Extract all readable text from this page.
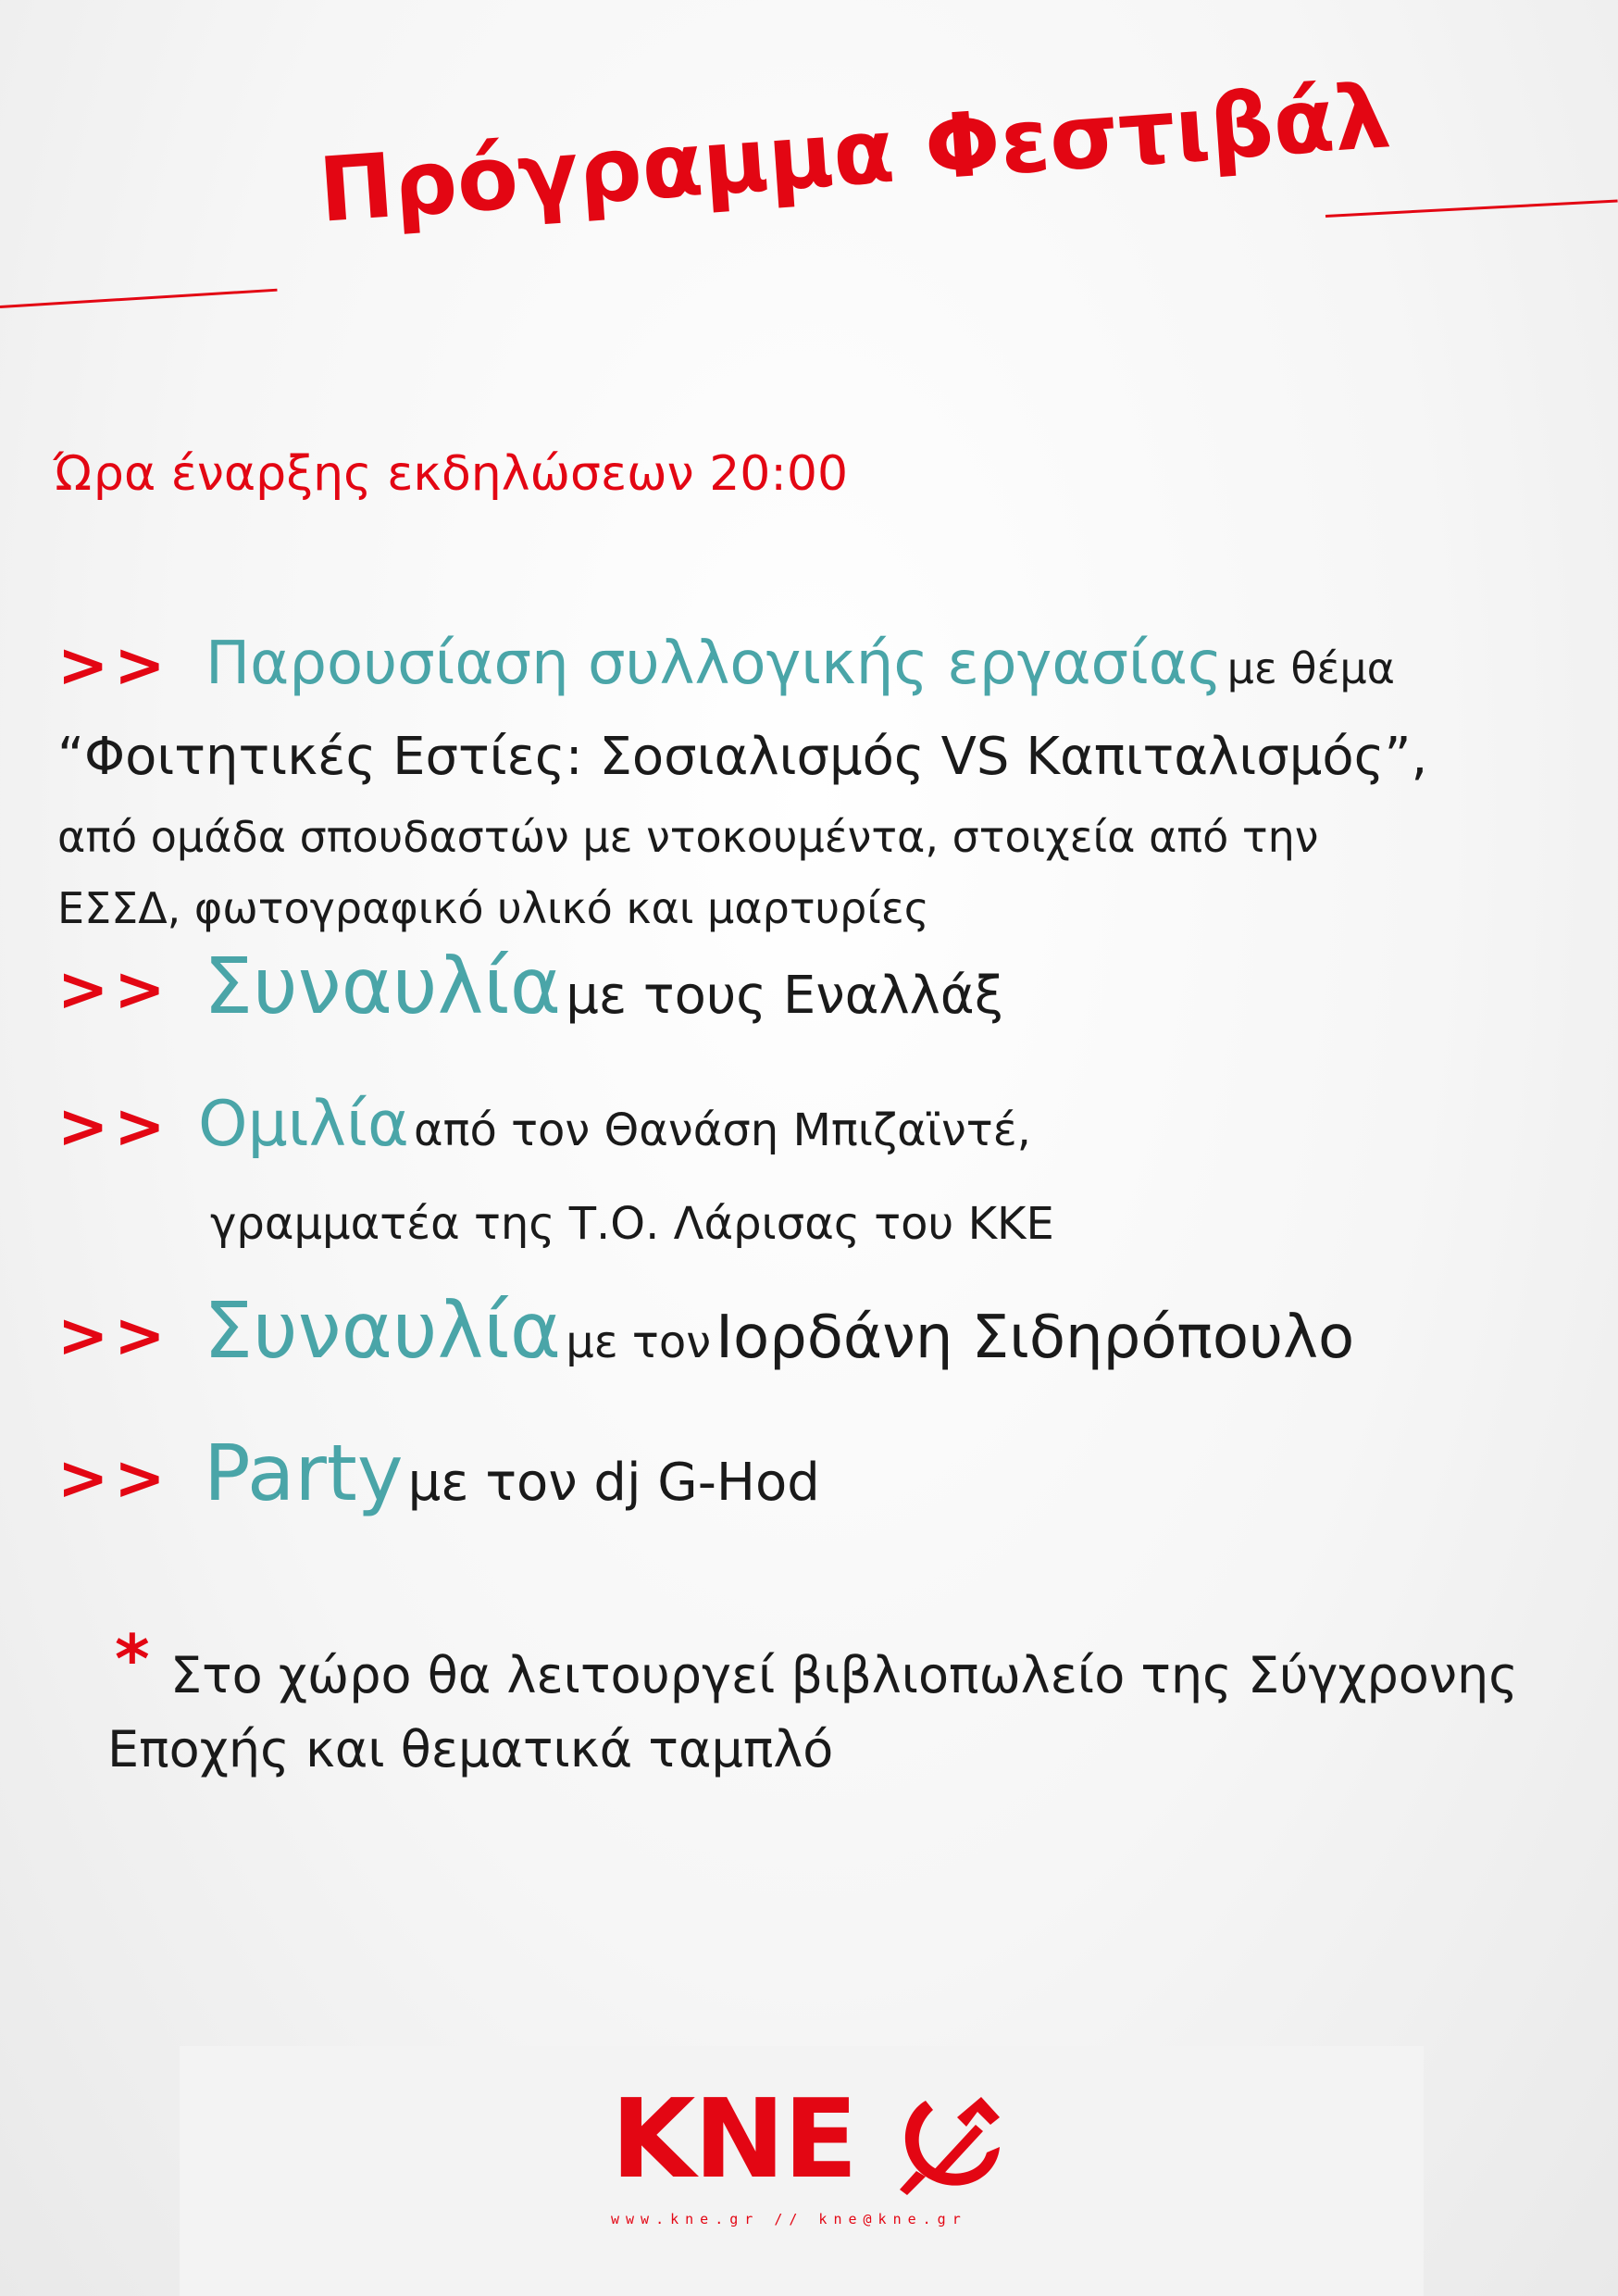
Πρόγραμμα Φεστιβάλ

Ώρα έναρξης εκδηλώσεων 20:00

>> Παρουσίαση συλλογικής εργασίας με θέμα

“Φοιτητικές Εστίες: Σοσιαλισμός VS Καπιταλισμός”,

από ομάδα σπουδαστών με ντοκουμέντα, στοιχεία από την

ΕΣΣΔ, φωτογραφικό υλικό και μαρτυρίες

>> Συναυλία με τους Εναλλάξ

>> Ομιλία από τον Θανάση Μπιζαϊντέ,

γραμματέα της Τ.Ο. Λάρισας του ΚΚΕ

>> Συναυλία με τον Ιορδάνη Σιδηρόπουλο

>> Party με τον dj G-Hod

* Στο χώρο θα λειτουργεί βιβλιοπωλείο της Σύγχρονης

Εποχής και θεματικά ταμπλό

ΚΝΕ
www.kne.gr // kne@kne.gr
